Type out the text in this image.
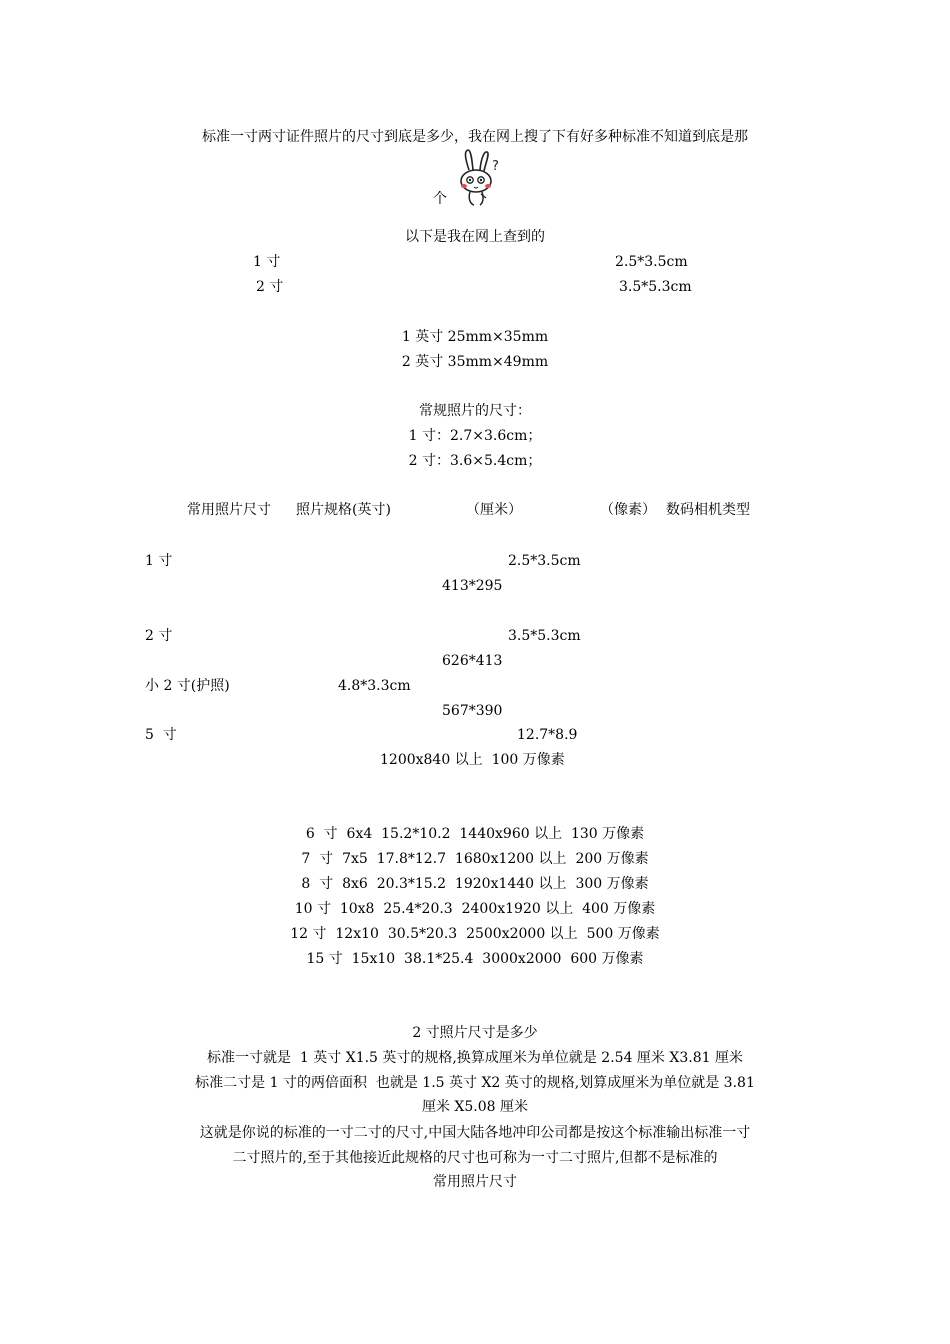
标准一寸两寸证件照片的尺寸到底是多少，我在网上搜了下有好多种标准不知道到底是那
个
?
以下是我在网上查到的
1 寸	2.5*3.5cm
2 寸	3.5*5.3cm
1 英寸 25mm×35mm
2 英寸 35mm×49mm
常规照片的尺寸：
1 寸：2.7×3.6cm；
2 寸：3.6×5.4cm；
常用照片尺寸 照片规格(英寸)	（厘米）	（像素） 数码相机类型
1 寸	2.5*3.5cm
413*295
2 寸	3.5*5.3cm
626*413
小 2 寸(护照)	4.8*3.3cm
567*390
5  寸	12.7*8.9
1200x840 以上  100 万像素
6  寸  6x4  15.2*10.2  1440x960 以上  130 万像素
7  寸  7x5  17.8*12.7  1680x1200 以上  200 万像素
8  寸  8x6  20.3*15.2  1920x1440 以上  300 万像素
10 寸  10x8  25.4*20.3  2400x1920 以上  400 万像素
12 寸  12x10  30.5*20.3  2500x2000 以上  500 万像素
15 寸  15x10  38.1*25.4  3000x2000  600 万像素
2 寸照片尺寸是多少
标准一寸就是  1 英寸 X1.5 英寸的规格,换算成厘米为单位就是 2.54 厘米 X3.81 厘米
标准二寸是 1 寸的两倍面积  也就是 1.5 英寸 X2 英寸的规格,划算成厘米为单位就是 3.81
厘米 X5.08 厘米
这就是你说的标准的一寸二寸的尺寸,中国大陆各地冲印公司都是按这个标准输出标准一寸
二寸照片的,至于其他接近此规格的尺寸也可称为一寸二寸照片,但都不是标准的
常用照片尺寸
